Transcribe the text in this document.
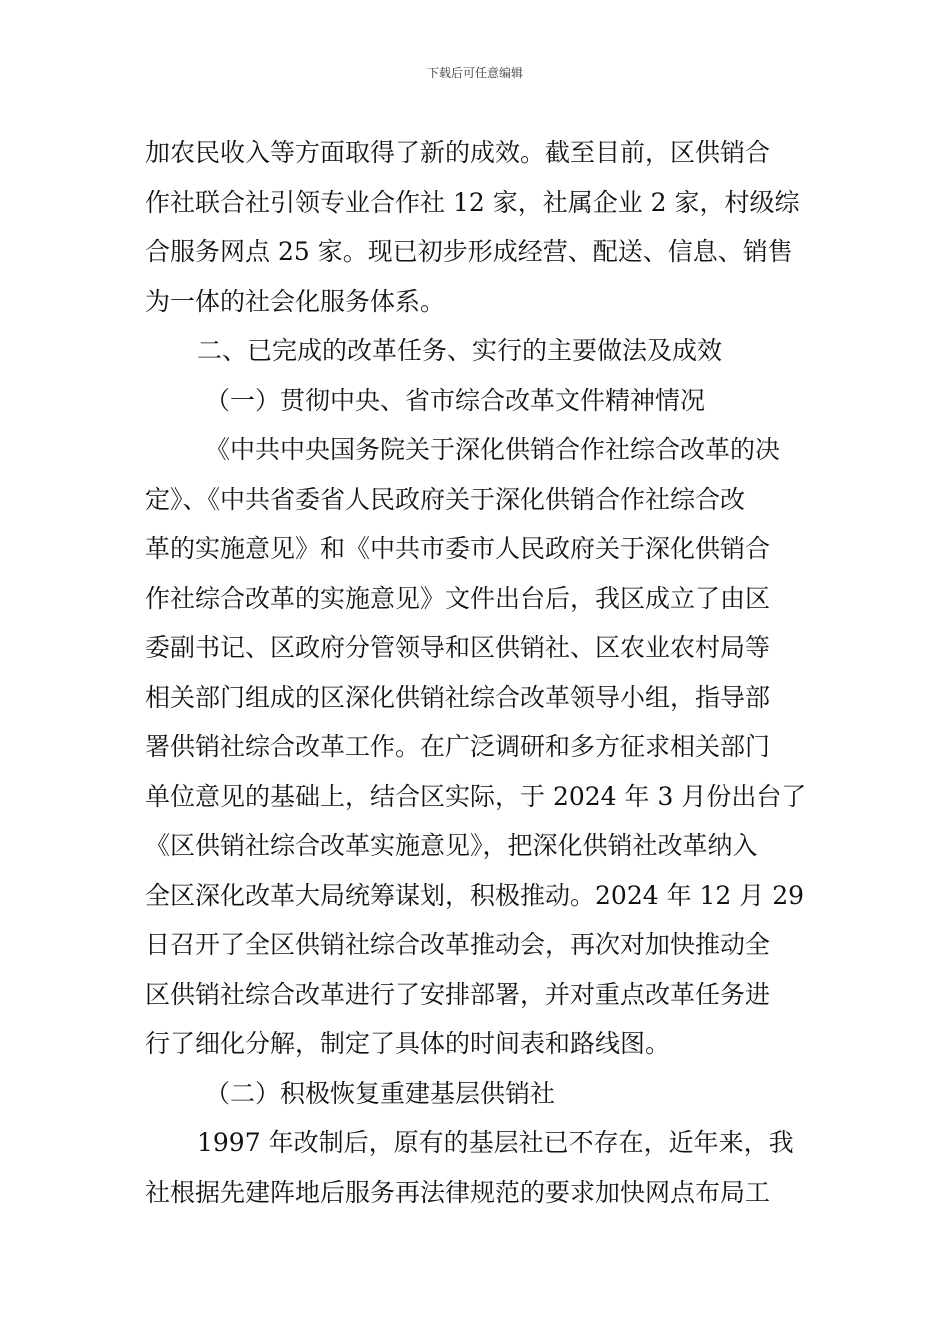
下载后可任意编辑
加农民收入等方面取得了新的成效。截至目前，区供销合
作社联合社引领专业合作社 12 家，社属企业 2 家，村级综
合服务网点 25 家。现已初步形成经营、配送、信息、销售
为一体的社会化服务体系。
二、已完成的改革任务、实行的主要做法及成效
（一）贯彻中央、省市综合改革文件精神情况
《中共中央国务院关于深化供销合作社综合改革的决
定》、《中共省委省人民政府关于深化供销合作社综合改
革的实施意见》和《中共市委市人民政府关于深化供销合
作社综合改革的实施意见》文件出台后，我区成立了由区
委副书记、区政府分管领导和区供销社、区农业农村局等
相关部门组成的区深化供销社综合改革领导小组，指导部
署供销社综合改革工作。在广泛调研和多方征求相关部门
单位意见的基础上，结合区实际，于 2024 年 3 月份出台了
《区供销社综合改革实施意见》，把深化供销社改革纳入
全区深化改革大局统筹谋划，积极推动。2024 年 12 月 29
日召开了全区供销社综合改革推动会，再次对加快推动全
区供销社综合改革进行了安排部署，并对重点改革任务进
行了细化分解，制定了具体的时间表和路线图。
（二）积极恢复重建基层供销社
1997 年改制后，原有的基层社已不存在，近年来，我
社根据先建阵地后服务再法律规范的要求加快网点布局工
